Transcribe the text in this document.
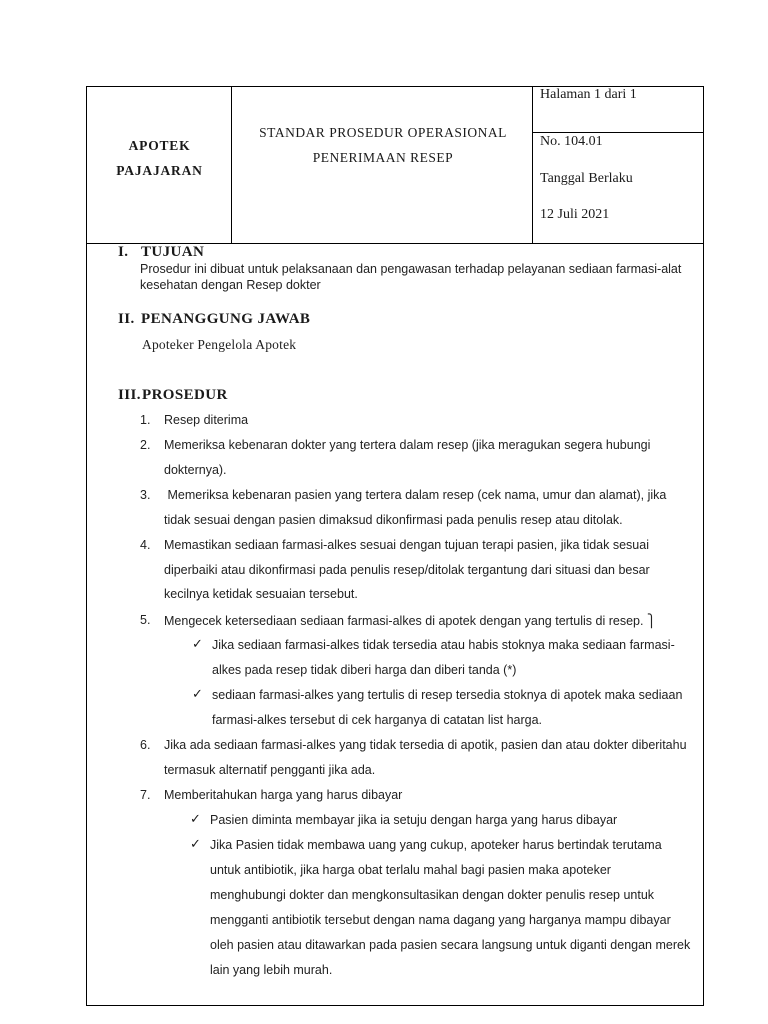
APOTEK
PAJAJARAN
STANDAR PROSEDUR OPERASIONAL
PENERIMAAN RESEP
Halaman 1 dari 1
No. 104.01
Tanggal Berlaku
12 Juli 2021
I. TUJUAN
Prosedur ini dibuat untuk pelaksanaan dan pengawasan terhadap pelayanan sediaan farmasi-alat
kesehatan dengan Resep dokter
II. PENANGGUNG JAWAB
Apoteker Pengelola Apotek
III.PROSEDUR
1. Resep diterima
2. Memeriksa kebenaran dokter yang tertera dalam resep (jika meragukan segera hubungi
dokternya).
3. Memeriksa kebenaran pasien yang tertera dalam resep (cek nama, umur dan alamat), jika
tidak sesuai dengan pasien dimaksud dikonfirmasi pada penulis resep atau ditolak.
4. Memastikan sediaan farmasi-alkes sesuai dengan tujuan terapi pasien, jika tidak sesuai
diperbaiki atau dikonfirmasi pada penulis resep/ditolak tergantung dari situasi dan besar
kecilnya ketidak sesuaian tersebut.
5. Mengecek ketersediaan sediaan farmasi-alkes di apotek dengan yang tertulis di resep. ⎫
✓ Jika sediaan farmasi-alkes tidak tersedia atau habis stoknya maka sediaan farmasi-
alkes pada resep tidak diberi harga dan diberi tanda (*)
✓ sediaan farmasi-alkes yang tertulis di resep tersedia stoknya di apotek maka sediaan
farmasi-alkes tersebut di cek harganya di catatan list harga.
6. Jika ada sediaan farmasi-alkes yang tidak tersedia di apotik, pasien dan atau dokter diberitahu
termasuk alternatif pengganti jika ada.
7. Memberitahukan harga yang harus dibayar
✓ Pasien diminta membayar jika ia setuju dengan harga yang harus dibayar
✓ Jika Pasien tidak membawa uang yang cukup, apoteker harus bertindak terutama
untuk antibiotik, jika harga obat terlalu mahal bagi pasien maka apoteker
menghubungi dokter dan mengkonsultasikan dengan dokter penulis resep untuk
mengganti antibiotik tersebut dengan nama dagang yang harganya mampu dibayar
oleh pasien atau ditawarkan pada pasien secara langsung untuk diganti dengan merek
lain yang lebih murah.
